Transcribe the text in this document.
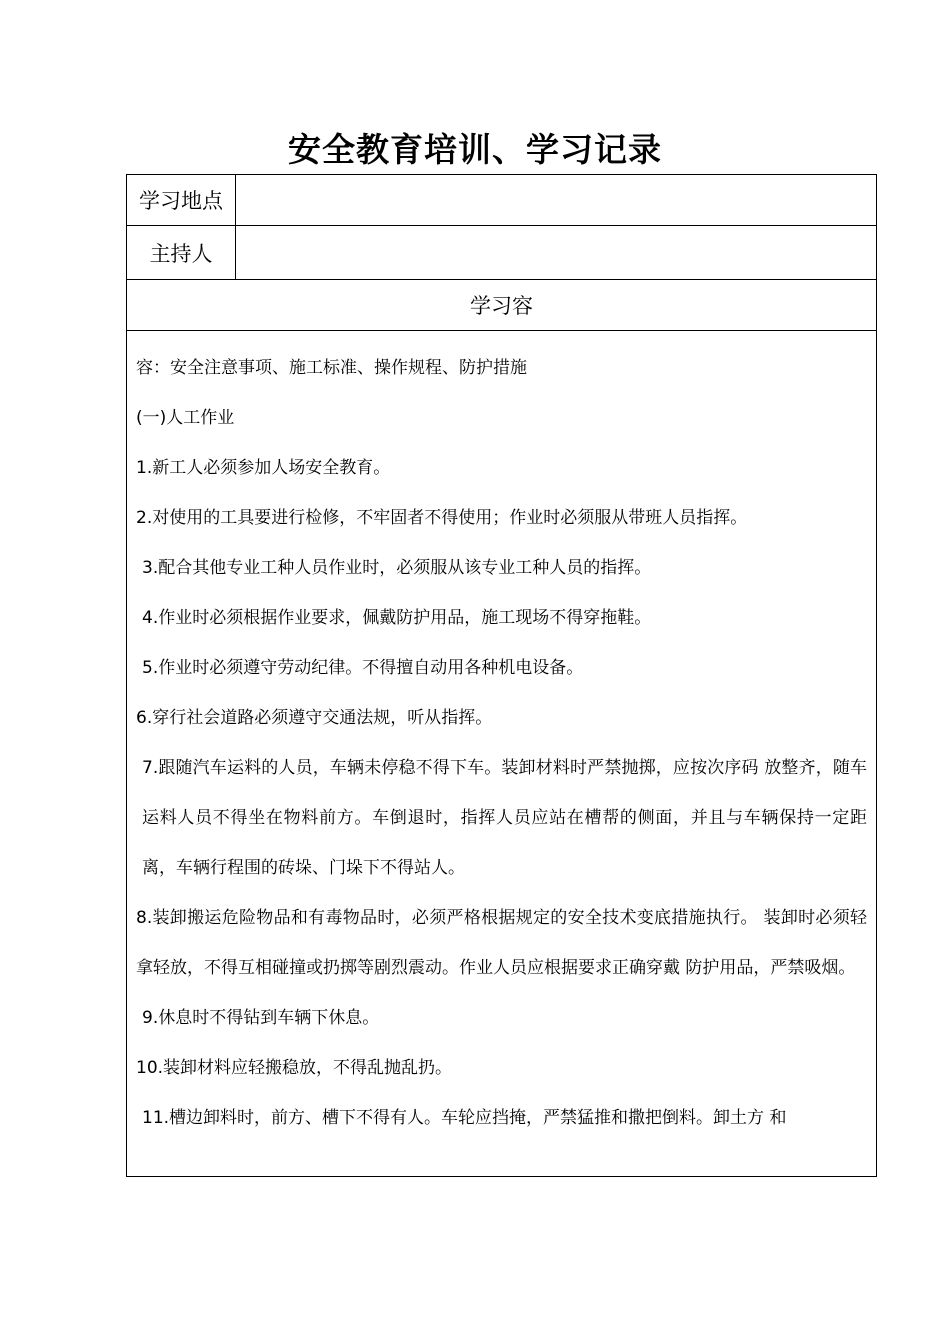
安全教育培训、学习记录
学习地点
主持人
学习容

容：安全注意事项、施工标准、操作规程、防护措施

(一)人工作业

1.新工人必须参加人场安全教育。

2.对使用的工具要进行检修，不牢固者不得使用；作业时必须服从带班人员指挥。

3.配合其他专业工种人员作业时，必须服从该专业工种人员的指挥。

4.作业时必须根据作业要求，佩戴防护用品，施工现场不得穿拖鞋。

5.作业时必须遵守劳动纪律。不得擅自动用各种机电设备。

6.穿行社会道路必须遵守交通法规，听从指挥。

7.跟随汽车运料的人员，车辆未停稳不得下车。装卸材料时严禁抛掷，应按次序码 放整齐，随车运料人员不得坐在物料前方。车倒退时，指挥人员应站在槽帮的侧面，并且与车辆保持一定距离，车辆行程围的砖垛、门垛下不得站人。

8.装卸搬运危险物品和有毒物品时，必须严格根据规定的安全技术变底措施执行。 装卸时必须轻拿轻放，不得互相碰撞或扔掷等剧烈震动。作业人员应根据要求正确穿戴 防护用品，严禁吸烟。

9.休息时不得钻到车辆下休息。

10.装卸材料应轻搬稳放，不得乱抛乱扔。

11.槽边卸料时，前方、槽下不得有人。车轮应挡掩，严禁猛推和撒把倒料。卸土方 和
